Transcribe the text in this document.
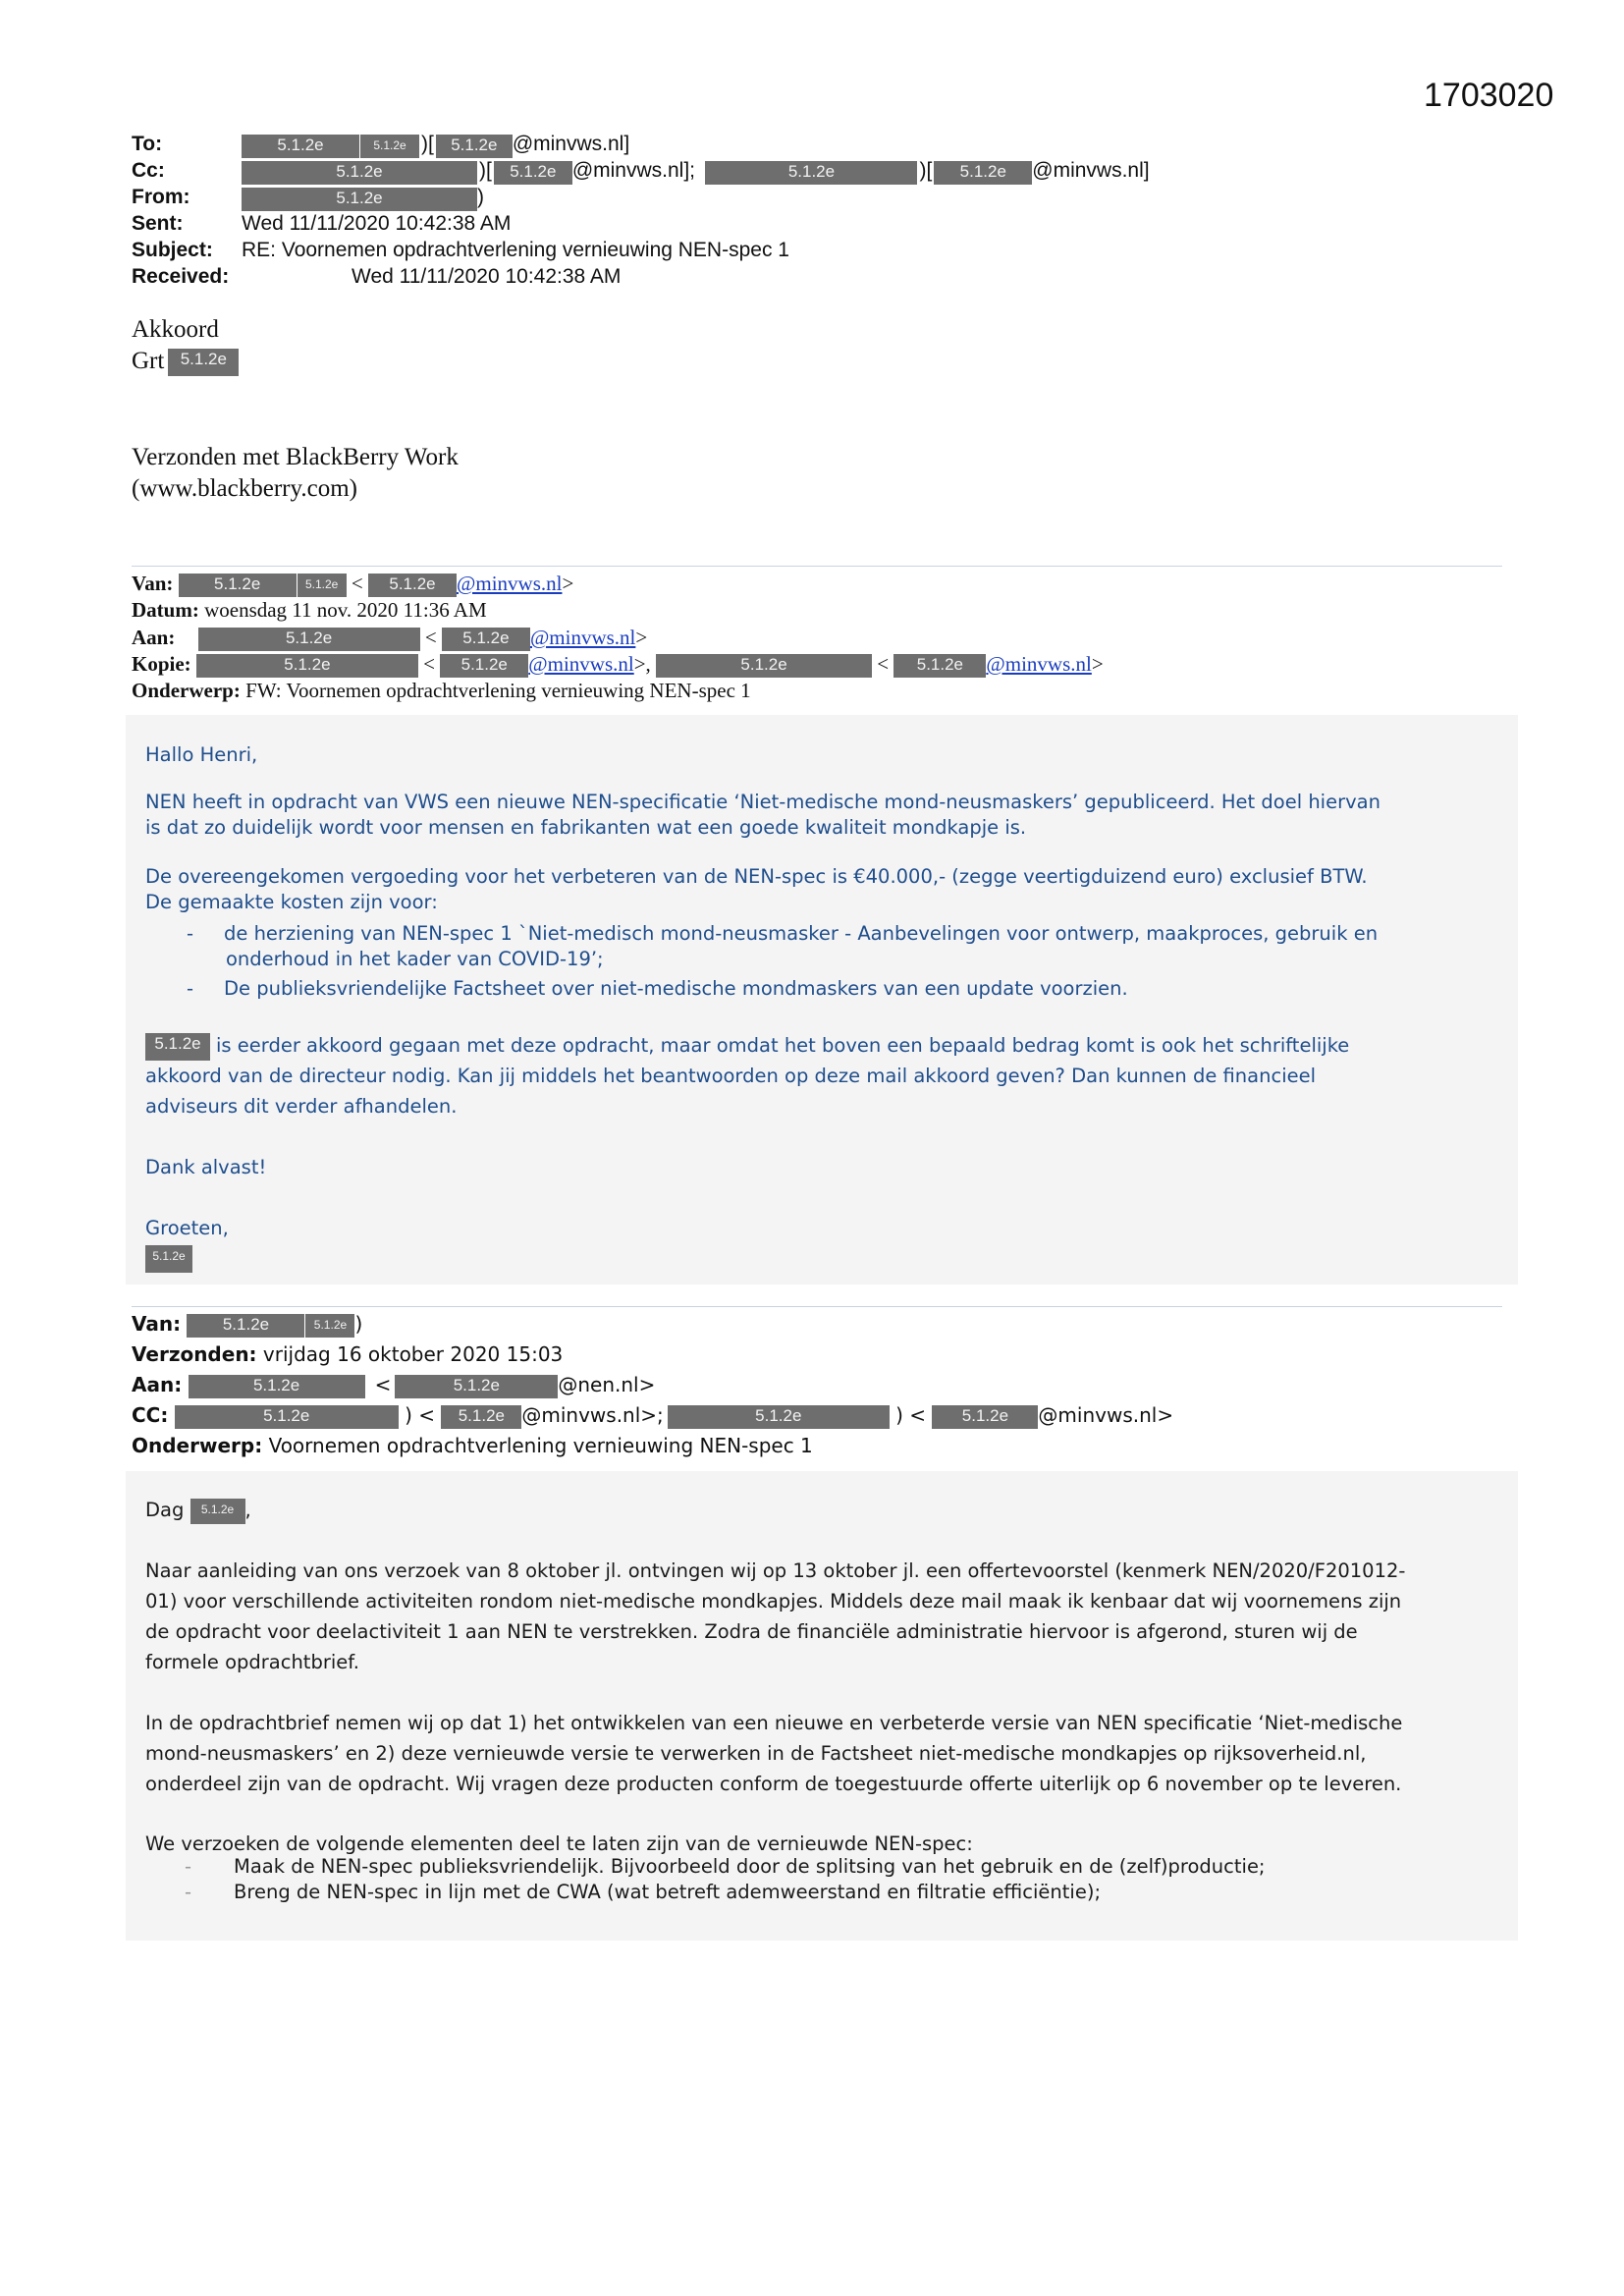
1703020
To:	5.1.2e	5.1.2e )[ 5.1.2e @minvws.nl]
Cc:	5.1.2e	)[ 5.1.2e @minvws.nl];	5.1.2e	)[ 5.1.2e @minvws.nl]
From:	5.1.2e	)
Sent:	Wed 11/11/2020 10:42:38 AM
Subject: RE: Voornemen opdrachtverlening vernieuwing NEN-spec 1
Received:	Wed 11/11/2020 10:42:38 AM
Akkoord
Grt 5.1.2e
Verzonden met BlackBerry Work
(www.blackberry.com)
Van: 5.1.2e	5.1.2e < 5.1.2e @minvws.nl>
Datum: woensdag 11 nov. 2020 11:36 AM
Aan:	5.1.2e	< 5.1.2e @minvws.nl>
Kopie:	5.1.2e	< 5.1.2e @minvws.nl>,	5.1.2e	< 5.1.2e @minvws.nl>
Onderwerp: FW: Voornemen opdrachtverlening vernieuwing NEN-spec 1
Hallo Henri,
NEN heeft in opdracht van VWS een nieuwe NEN-specificatie ‘Niet-medische mond-neusmaskers’ gepubliceerd. Het doel hiervan
is dat zo duidelijk wordt voor mensen en fabrikanten wat een goede kwaliteit mondkapje is.
De overeengekomen vergoeding voor het verbeteren van de NEN-spec is €40.000,- (zegge veertigduizend euro) exclusief BTW.
De gemaakte kosten zijn voor:
- de herziening van NEN-spec 1 `Niet-medisch mond-neusmasker - Aanbevelingen voor ontwerp, maakproces, gebruik en
onderhoud in het kader van COVID-19’;
- De publieksvriendelijke Factsheet over niet-medische mondmaskers van een update voorzien.
5.1.2e is eerder akkoord gegaan met deze opdracht, maar omdat het boven een bepaald bedrag komt is ook het schriftelijke
akkoord van de directeur nodig. Kan jij middels het beantwoorden op deze mail akkoord geven? Dan kunnen de financieel
adviseurs dit verder afhandelen.
Dank alvast!
Groeten,
5.1.2e
Van:	5.1.2e	5.1.2e )
Verzonden: vrijdag 16 oktober 2020 15:03
Aan:	5.1.2e	<	5.1.2e	@nen.nl>
CC:	5.1.2e	) < 5.1.2e @minvws.nl>;	5.1.2e	) < 5.1.2e @minvws.nl>
Onderwerp: Voornemen opdrachtverlening vernieuwing NEN-spec 1
Dag 5.1.2e ,
Naar aanleiding van ons verzoek van 8 oktober jl. ontvingen wij op 13 oktober jl. een offertevoorstel (kenmerk NEN/2020/F201012-
01) voor verschillende activiteiten rondom niet-medische mondkapjes. Middels deze mail maak ik kenbaar dat wij voornemens zijn
de opdracht voor deelactiviteit 1 aan NEN te verstrekken. Zodra de financiële administratie hiervoor is afgerond, sturen wij de
formele opdrachtbrief.
In de opdrachtbrief nemen wij op dat 1) het ontwikkelen van een nieuwe en verbeterde versie van NEN specificatie ‘Niet-medische
mond-neusmaskers’ en 2) deze vernieuwde versie te verwerken in de Factsheet niet-medische mondkapjes op rijksoverheid.nl,
onderdeel zijn van de opdracht. Wij vragen deze producten conform de toegestuurde offerte uiterlijk op 6 november op te leveren.
We verzoeken de volgende elementen deel te laten zijn van de vernieuwde NEN-spec:
- Maak de NEN-spec publieksvriendelijk. Bijvoorbeeld door de splitsing van het gebruik en de (zelf)productie;
- Breng de NEN-spec in lijn met de CWA (wat betreft ademweerstand en filtratie efficiëntie);
